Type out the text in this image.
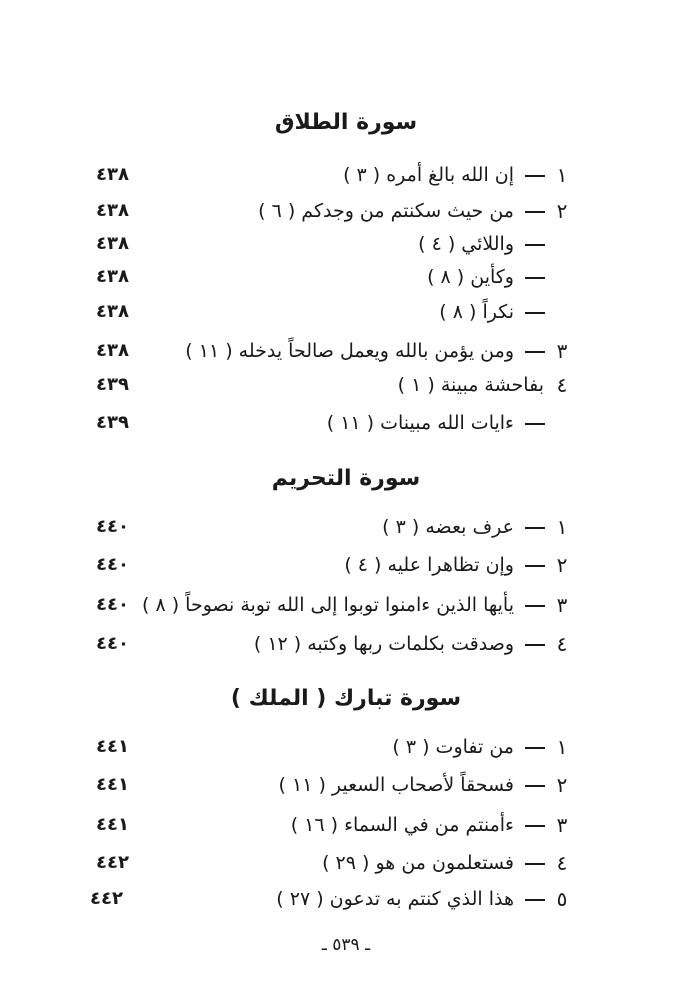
سورة الطلاق
١
إن الله بالغ أمره ( ٣ )
٤٣٨
٢
من حيث سكنتم من وجدكم ( ٦ )
٤٣٨
واللائي ( ٤ )
٤٣٨
وكأين ( ٨ )
٤٣٨
نكراً ( ٨ )
٤٣٨
٣
ومن يؤمن بالله ويعمل صالحاً يدخله ( ١١ )
٤٣٨
٤
بفاحشة مبينة ( ١ )
٤٣٩
ءايات الله مبينات ( ١١ )
٤٣٩
سورة التحريم
١
عرف بعضه ( ٣ )
٤٤٠
٢
وإن تظاهرا عليه ( ٤ )
٤٤٠
٣
يأيها الذين ءامنوا توبوا إلى الله توبة نصوحاً ( ٨ )
٤٤٠
٤
وصدقت بكلمات ربها وكتبه ( ١٢ )
٤٤٠
سورة تبارك ( الملك )
١
من تفاوت ( ٣ )
٤٤١
٢
فسحقاً لأصحاب السعير ( ١١ )
٤٤١
٣
ءأمنتم من في السماء ( ١٦ )
٤٤١
٤
فستعلمون من هو ( ٢٩ )
٤٤٢
٥
هذا الذي كنتم به تدعون ( ٢٧ )
٤٤٢
ـ ٥٣٩ ـ
